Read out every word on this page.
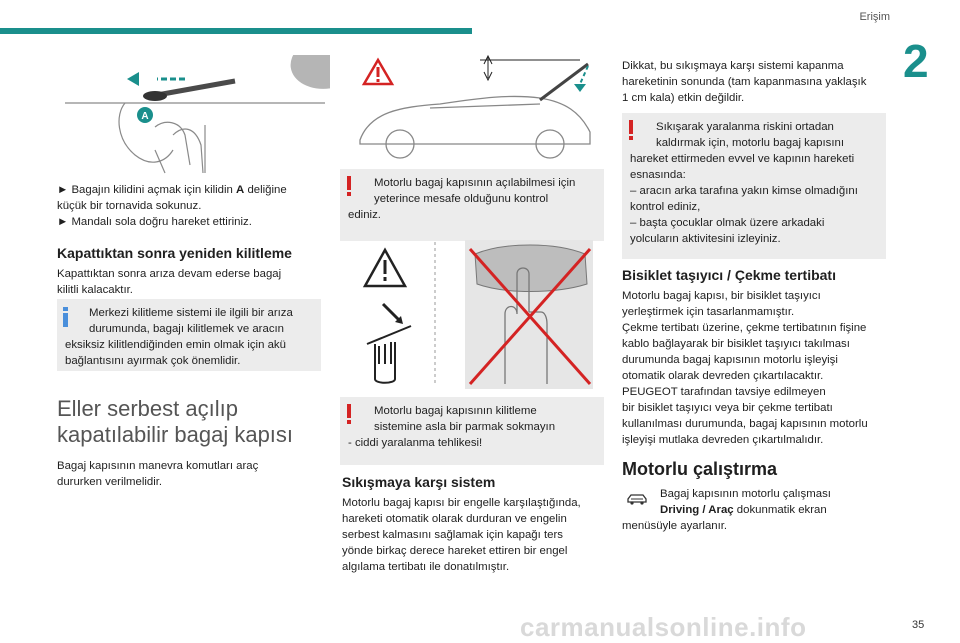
Erişim
2
A

► Bagajın kilidini açmak için kilidin A deliğine
küçük bir tornavida sokunuz.

► Mandalı sola doğru hareket ettiriniz.

Kapattıktan sonra yeniden kilitleme

Kapattıktan sonra arıza devam ederse bagaj

kilitli kalacaktır.

Merkezi kilitleme sistemi ile ilgili bir arıza
durumunda, bagajı kilitlemek ve aracın
eksiksiz kilitlendiğinden emin olmak için akü
bağlantısını ayırmak çok önemlidir.

Eller serbest açılıp

kapatılabilir bagaj kapısı

Bagaj kapısının manevra komutları araç

dururken verilmelidir.

Motorlu bagaj kapısının açılabilmesi için
yeterince mesafe olduğunu kontrol
ediniz.
Motorlu bagaj kapısının kilitleme
sistemine asla bir parmak sokmayın
- ciddi yaralanma tehlikesi!

Sıkışmaya karşı sistem

Motorlu bagaj kapısı bir engelle karşılaştığında,

hareketi otomatik olarak durduran ve engelin

serbest kalmasını sağlamak için kapağı ters

yönde birkaç derece hareket ettiren bir engel

algılama tertibatı ile donatılmıştır.

Dikkat, bu sıkışmaya karşı sistemi kapanma

hareketinin sonunda (tam kapanmasına yaklaşık

1 cm kala) etkin değildir.

Sıkışarak yaralanma riskini ortadan
kaldırmak için, motorlu bagaj kapısını
hareket ettirmeden evvel ve kapının hareketi
esnasında:
– aracın arka tarafına yakın kimse olmadığını
kontrol ediniz,
– başta çocuklar olmak üzere arkadaki
yolcuların aktivitesini izleyiniz.

Bisiklet taşıyıcı / Çekme tertibatı

Motorlu bagaj kapısı, bir bisiklet taşıyıcı

yerleştirmek için tasarlanmamıştır.

Çekme tertibatı üzerine, çekme tertibatının fişine

kablo bağlayarak bir bisiklet taşıyıcı takılması

durumunda bagaj kapısının motorlu işleyişi

otomatik olarak devreden çıkartılacaktır.

PEUGEOT tarafından tavsiye edilmeyen

bir bisiklet taşıyıcı veya bir çekme tertibatı

kullanılması durumunda, bagaj kapısının motorlu

işleyişi mutlaka devreden çıkartılmalıdır.

Motorlu çalıştırma

Bagaj kapısının motorlu çalışması

Driving / Araç dokunmatik ekran

menüsüyle ayarlanır.

35
carmanualsonline.info
